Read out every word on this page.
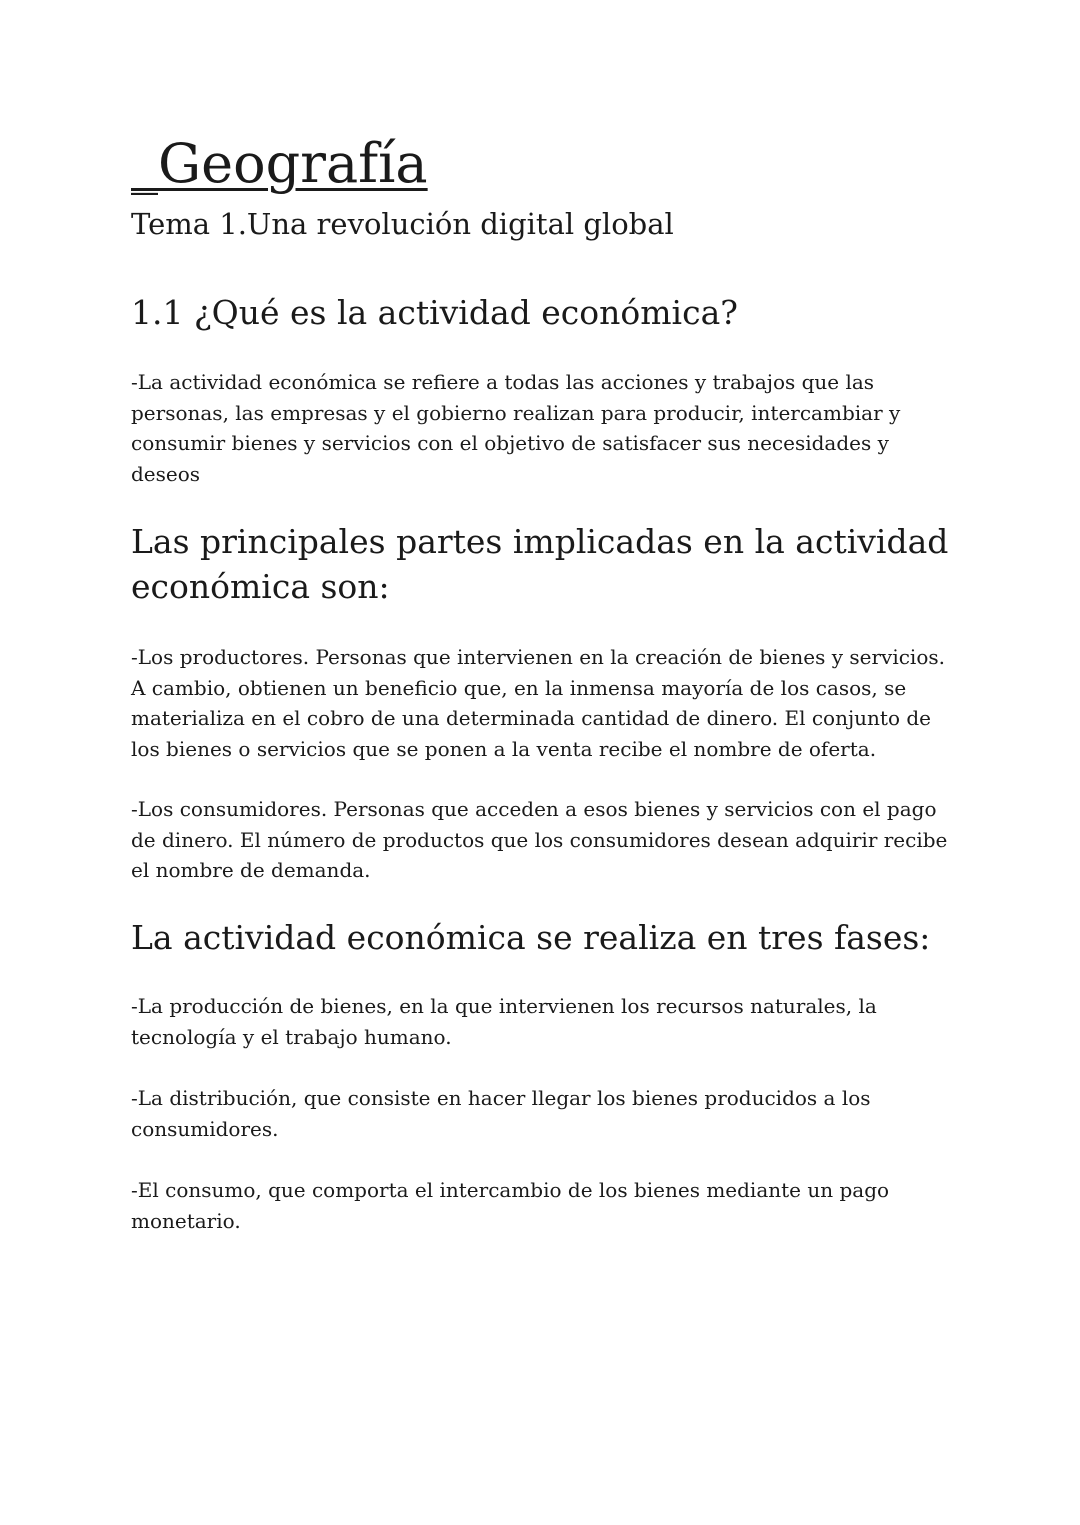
_Geografía
Tema 1.Una revolución digital global
1.1 ¿Qué es la actividad económica?

-La actividad económica se refiere a todas las acciones y trabajos que las personas, las empresas y el gobierno realizan para producir, intercambiar y consumir bienes y servicios con el objetivo de satisfacer sus necesidades y deseos

Las principales partes implicadas en la actividad económica son:

-Los productores. Personas que intervienen en la creación de bienes y servicios. A cambio, obtienen un beneficio que, en la inmensa mayoría de los casos, se materializa en el cobro de una determinada cantidad de dinero. El conjunto de los bienes o servicios que se ponen a la venta recibe el nombre de oferta.

-Los consumidores. Personas que acceden a esos bienes y servicios con el pago de dinero. El número de productos que los consumidores desean adquirir recibe el nombre de demanda.

La actividad económica se realiza en tres fases:

-La producción de bienes, en la que intervienen los recursos naturales, la tecnología y el trabajo humano.

-La distribución, que consiste en hacer llegar los bienes producidos a los consumidores.

-El consumo, que comporta el intercambio de los bienes mediante un pago monetario.
